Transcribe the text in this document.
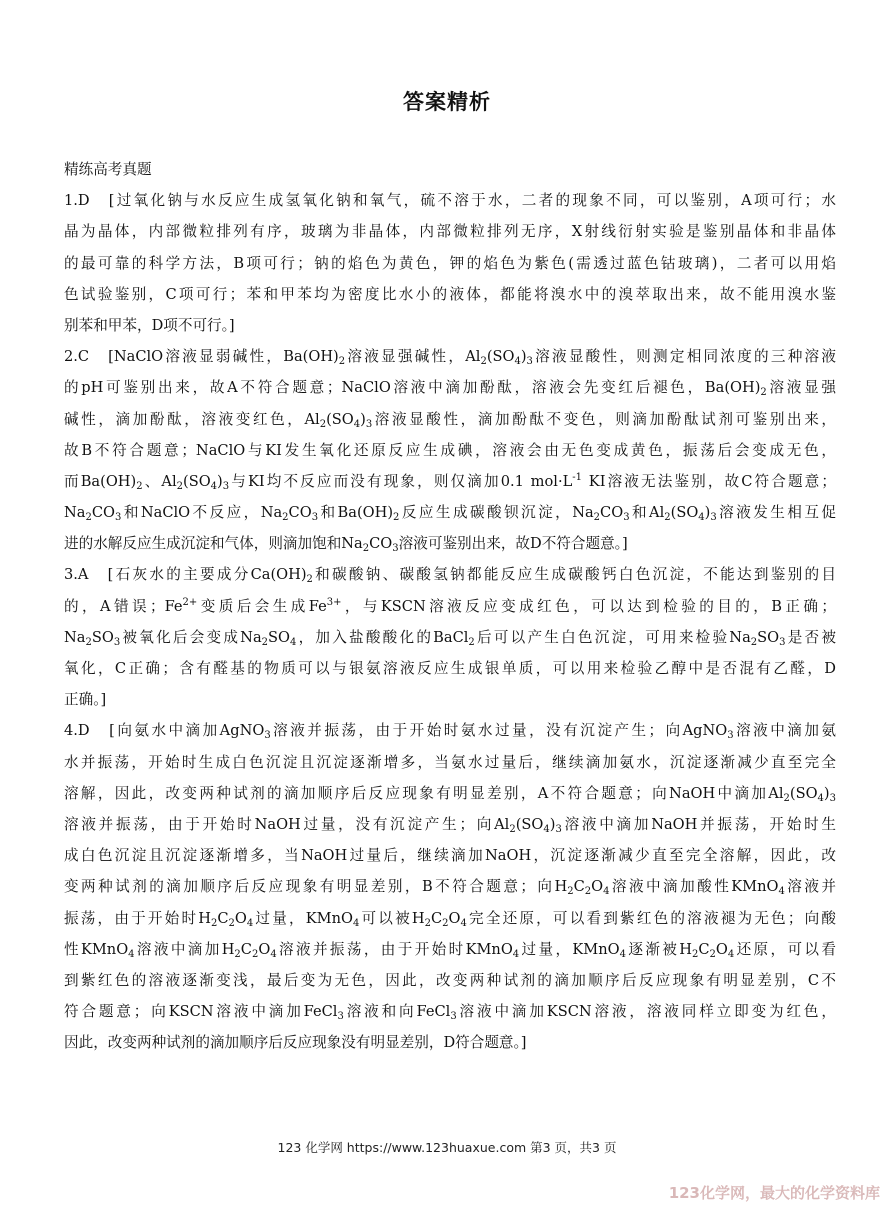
答案精析
精练高考真题
1.D　[过氧化钠与水反应生成氢氧化钠和氧气，硫不溶于水，二者的现象不同，可以鉴别，A项可行；水
晶为晶体，内部微粒排列有序，玻璃为非晶体，内部微粒排列无序，X射线衍射实验是鉴别晶体和非晶体
的最可靠的科学方法，B项可行；钠的焰色为黄色，钾的焰色为紫色(需透过蓝色钴玻璃)，二者可以用焰
色试验鉴别，C项可行；苯和甲苯均为密度比水小的液体，都能将溴水中的溴萃取出来，故不能用溴水鉴
别苯和甲苯，D项不可行。]
2.C　[NaClO溶液显弱碱性，$Ba(OH)_2$溶液显强碱性，$Al_2(SO_4)_3$溶液显酸性，则测定相同浓度的三种溶液
的pH可鉴别出来，故A不符合题意；NaClO溶液中滴加酚酞，溶液会先变红后褪色，$Ba(OH)_2$溶液显强
碱性，滴加酚酞，溶液变红色，$Al_2(SO_4)_3$溶液显酸性，滴加酚酞不变色，则滴加酚酞试剂可鉴别出来，
故B不符合题意；NaClO与KI发生氧化还原反应生成碘，溶液会由无色变成黄色，振荡后会变成无色，
而$Ba(OH)_2$、$Al_2(SO_4)_3$与KI均不反应而没有现象，则仅滴加0.1 $mol\cdot L^{-1}$ KI溶液无法鉴别，故C符合题意；
$Na_2CO_3$和NaClO不反应，$Na_2CO_3$和$Ba(OH)_2$反应生成碳酸钡沉淀，$Na_2CO_3$和$Al_2(SO_4)_3$溶液发生相互促
进的水解反应生成沉淀和气体，则滴加饱和$Na_2CO_3$溶液可鉴别出来，故D不符合题意。]
3.A　[石灰水的主要成分$Ca(OH)_2$和碳酸钠、碳酸氢钠都能反应生成碳酸钙白色沉淀，不能达到鉴别的目
的，A错误；$Fe^{2+}$变质后会生成$Fe^{3+}$，与KSCN溶液反应变成红色，可以达到检验的目的，B正确；
$Na_2SO_3$被氧化后会变成$Na_2SO_4$，加入盐酸酸化的BaCl$_2$后可以产生白色沉淀，可用来检验$Na_2SO_3$是否被
氧化，C正确；含有醛基的物质可以与银氨溶液反应生成银单质，可以用来检验乙醇中是否混有乙醛，D
正确。]
4.D　[向氨水中滴加AgNO$_3$溶液并振荡，由于开始时氨水过量，没有沉淀产生；向AgNO$_3$溶液中滴加氨
水并振荡，开始时生成白色沉淀且沉淀逐渐增多，当氨水过量后，继续滴加氨水，沉淀逐渐减少直至完全
溶解，因此，改变两种试剂的滴加顺序后反应现象有明显差别，A不符合题意；向NaOH中滴加$Al_2(SO_4)_3$
溶液并振荡，由于开始时NaOH过量，没有沉淀产生；向$Al_2(SO_4)_3$溶液中滴加NaOH并振荡，开始时生
成白色沉淀且沉淀逐渐增多，当NaOH过量后，继续滴加NaOH，沉淀逐渐减少直至完全溶解，因此，改
变两种试剂的滴加顺序后反应现象有明显差别，B不符合题意；向$H_2C_2O_4$溶液中滴加酸性KMnO$_4$溶液并
振荡，由于开始时$H_2C_2O_4$过量，KMnO$_4$可以被$H_2C_2O_4$完全还原，可以看到紫红色的溶液褪为无色；向酸
性KMnO$_4$溶液中滴加$H_2C_2O_4$溶液并振荡，由于开始时KMnO$_4$过量，KMnO$_4$逐渐被$H_2C_2O_4$还原，可以看
到紫红色的溶液逐渐变浅，最后变为无色，因此，改变两种试剂的滴加顺序后反应现象有明显差别，C不
符合题意；向KSCN溶液中滴加FeCl$_3$溶液和向FeCl$_3$溶液中滴加KSCN溶液，溶液同样立即变为红色，
因此，改变两种试剂的滴加顺序后反应现象没有明显差别，D符合题意。]
123 化学网 https://www.123huaxue.com 第3 页，共3 页
123化学网，最大的化学资料库
